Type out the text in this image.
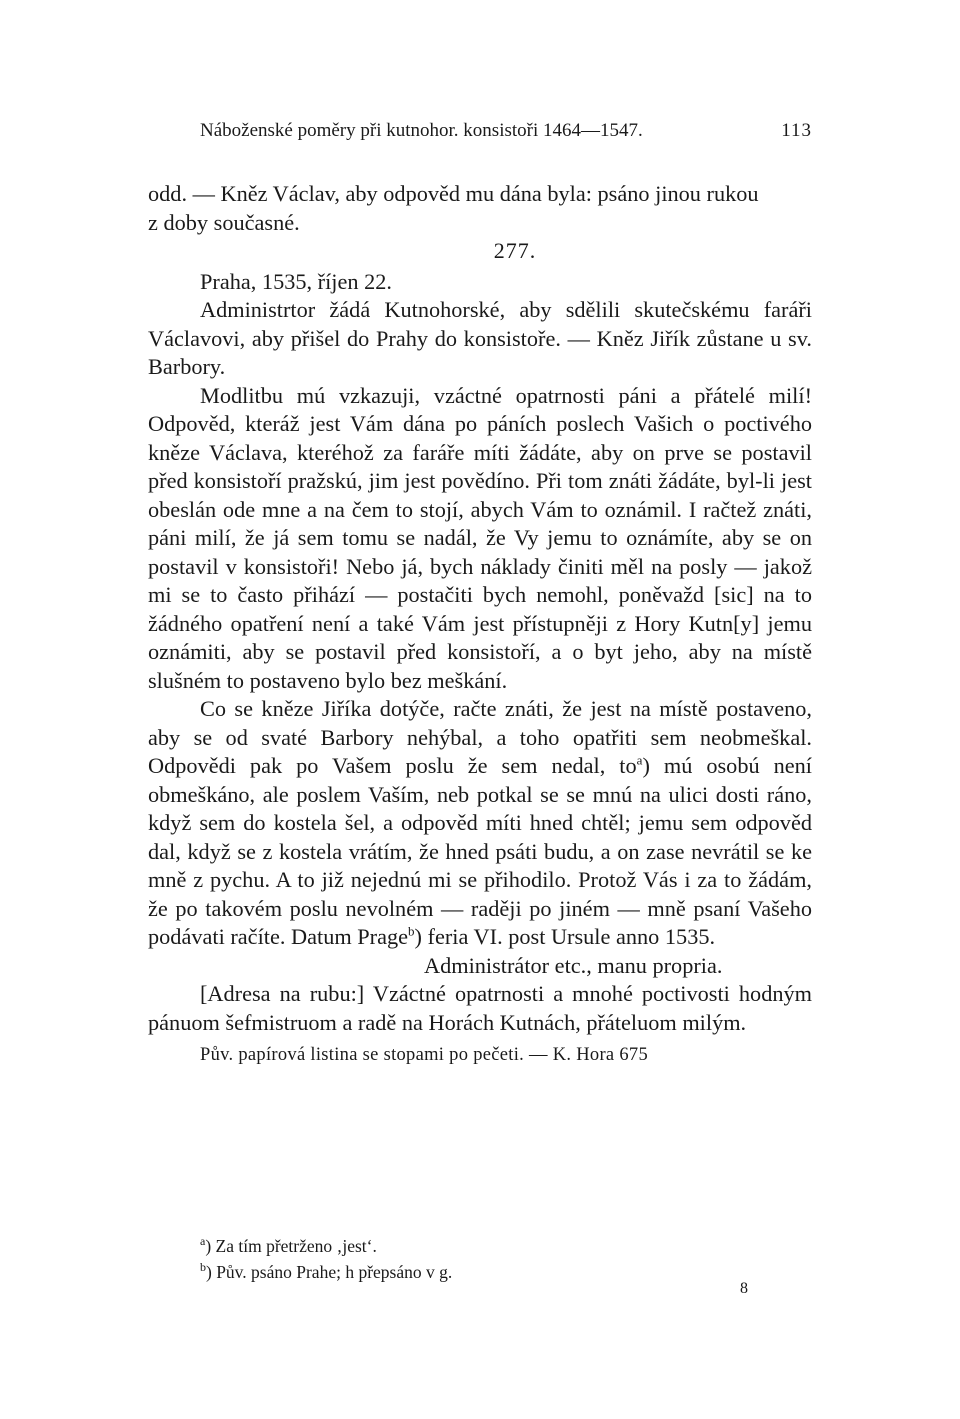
Náboženské poměry při kutnohor. konsistoři 1464—1547.	113

odd. — Kněz Václav, aby odpověd mu dána byla: psáno jinou rukou
z doby současné.

277.

Praha, 1535, říjen 22.

Administrtor žádá Kutnohorské, aby sdělili skutečskému faráři Václavovi, aby přišel do Prahy do konsistoře. — Kněz Jiřík zůstane u sv. Barbory.

Modlitbu mú vzkazuji, vzáctné opatrnosti páni a přátelé milí! Odpověd, kteráž jest Vám dána po páních poslech Vašich o poctivého kněze Václava, kteréhož za faráře míti žádáte, aby on prve se postavil před konsistoří pražskú, jim jest povědíno. Při tom znáti žádáte, byl-li jest obeslán ode mne a na čem to stojí, abych Vám to oznámil. I račtež znáti, páni milí, že já sem tomu se nadál, že Vy jemu to oznámíte, aby se on postavil v konsistoři! Nebo já, bych náklady činiti měl na posly — jakož mi se to často přihází — postačiti bych nemohl, poněvažd [sic] na to žádného opatření není a také Vám jest přístupněji z Hory Kutn[y] jemu oznámiti, aby se postavil před konsistoří, a o byt jeho, aby na místě slušném to postaveno bylo bez meškání.

Co se kněze Jiříka dotýče, račte znáti, že jest na místě postaveno, aby se od svaté Barbory nehýbal, a toho opatřiti sem neobmeškal. Odpovědi pak po Vašem poslu že sem nedal, $to^a$) mú osobú není obmeškáno, ale poslem Vaším, neb potkal se se mnú na ulici dosti ráno, když sem do kostela šel, a odpověd míti hned chtěl; jemu sem odpověd dal, když se z kostela vrátím, že hned psáti budu, a on zase nevrátil se ke mně z pychu. A to již nejednú mi se přihodilo. Protož Vás i za to žádám, že po takovém poslu nevolném — raději po jiném — mně psaní Vašeho podávati račíte. Datum Prage$^b$) feria VI. post Ursule anno 1535.

Administrátor etc., manu propria.

[Adresa na rubu:] Vzáctné opatrnosti a mnohé poctivosti hodným pánuom šefmistruom a radě na Horách Kutnách, přáteluom milým.

Pův. papírová listina se stopami po pečeti. — K. Hora 675

$^a$) Za tím přetrženo ‚jest‘.
$^b$) Pův. psáno Prahe; h přepsáno v g.
8
